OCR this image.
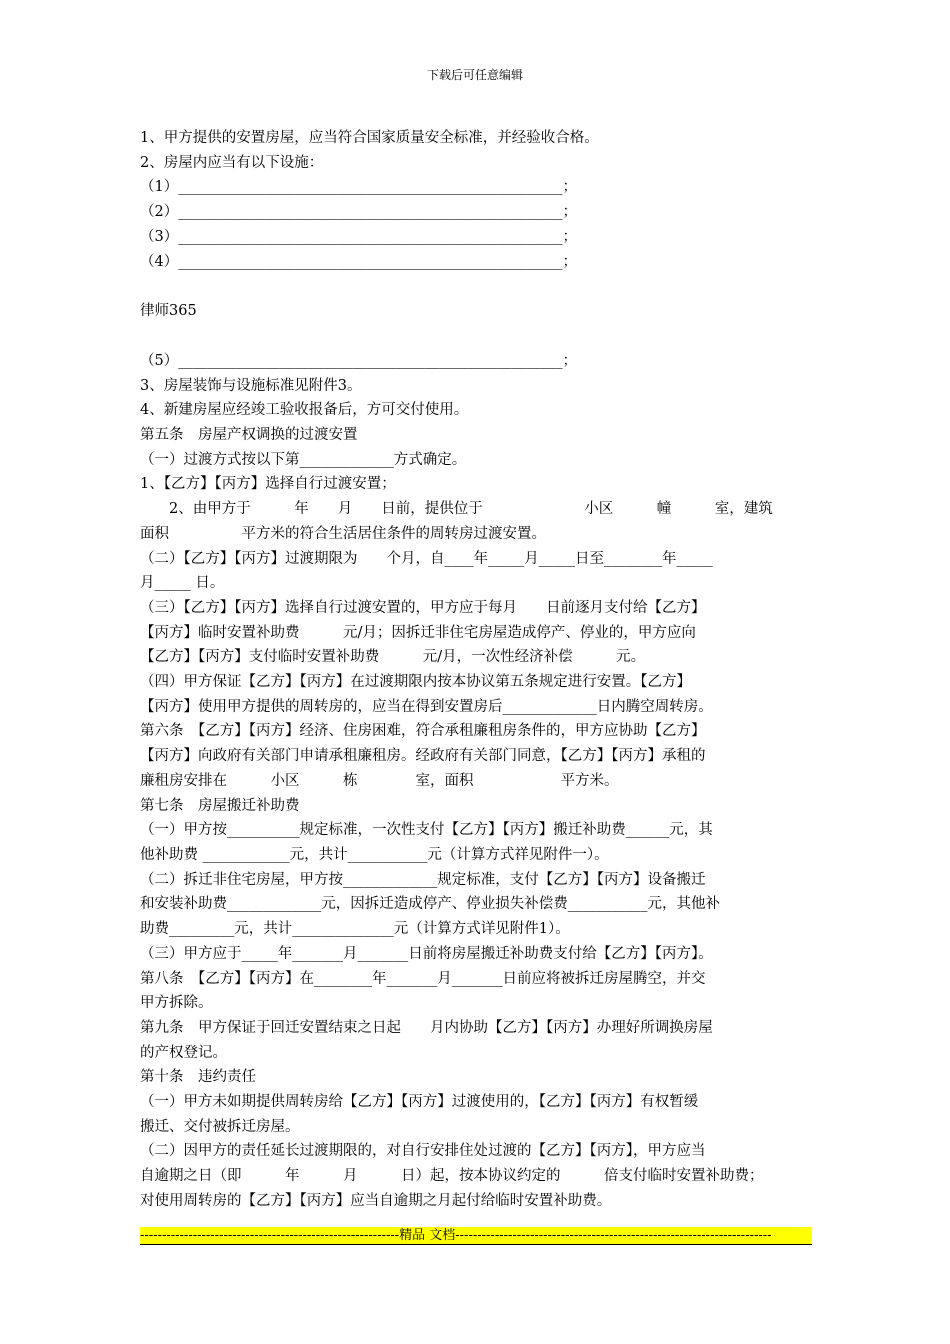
下载后可任意编辑
1、甲方提供的安置房屋，应当符合国家质量安全标准，并经验收合格。
2、房屋内应当有以下设施：
（1）_____________________________________________________；
（2）_____________________________________________________；
（3）_____________________________________________________；
（4）_____________________________________________________；
律师365
（5）_____________________________________________________；
3、房屋装饰与设施标准见附件3。
4、新建房屋应经竣工验收报备后，方可交付使用。
第五条　房屋产权调换的过渡安置
（一）过渡方式按以下第_____________方式确定。
1、【乙方】【丙方】选择自行过渡安置；
　　2、由甲方于　　　年　　月　　日前，提供位于　　　　　　　小区　　　幢　　　室，建筑
面积　　　　　平方米的符合生活居住条件的周转房过渡安置。
（二）【乙方】【丙方】过渡期限为　　个月，自____年_____月_____日至________年_____
月_____ 日。
（三）【乙方】【丙方】选择自行过渡安置的，甲方应于每月　　日前逐月支付给【乙方】
【丙方】临时安置补助费　　　元/月；因拆迁非住宅房屋造成停产、停业的，甲方应向
【乙方】【丙方】支付临时安置补助费　　　元/月，一次性经济补偿　　　元。
（四）甲方保证【乙方】【丙方】在过渡期限内按本协议第五条规定进行安置。【乙方】
【丙方】使用甲方提供的周转房的，应当在得到安置房后_____________日内腾空周转房。
第六条　【乙方】【丙方】经济、住房困难，符合承租廉租房条件的，甲方应协助【乙方】
【丙方】向政府有关部门申请承租廉租房。经政府有关部门同意，【乙方】【丙方】承租的
廉租房安排在　　　小区　　　栋　　　　室，面积　　　　　　平方米。
第七条　房屋搬迁补助费
（一）甲方按__________规定标准，一次性支付【乙方】【丙方】搬迁补助费______元，其
他补助费 ____________元，共计___________元（计算方式祥见附件一）。
（二）拆迁非住宅房屋，甲方按_____________规定标准，支付【乙方】【丙方】设备搬迁
和安装补助费_____________元，因拆迁造成停产、停业损失补偿费___________元，其他补
助费_________元，共计______________元（计算方式详见附件1）。
（三）甲方应于_____年_______月_______日前将房屋搬迁补助费支付给【乙方】【丙方】。
第八条　【乙方】【丙方】在________年_______月_______日前应将被拆迁房屋腾空，并交
甲方拆除。
第九条　甲方保证于回迁安置结束之日起　　月内协助【乙方】【丙方】办理好所调换房屋
的产权登记。
第十条　违约责任
（一）甲方未如期提供周转房给【乙方】【丙方】过渡使用的，【乙方】【丙方】有权暂缓
搬迁、交付被拆迁房屋。
（二）因甲方的责任延长过渡期限的，对自行安排住处过渡的【乙方】【丙方】，甲方应当
自逾期之日（即　　　年　　　月　　　日）起，按本协议约定的　　　倍支付临时安置补助费；
对使用周转房的【乙方】【丙方】应当自逾期之月起付给临时安置补助费。
-----------------------------------------------------------精品 文档------------------------------------------------------------------------
